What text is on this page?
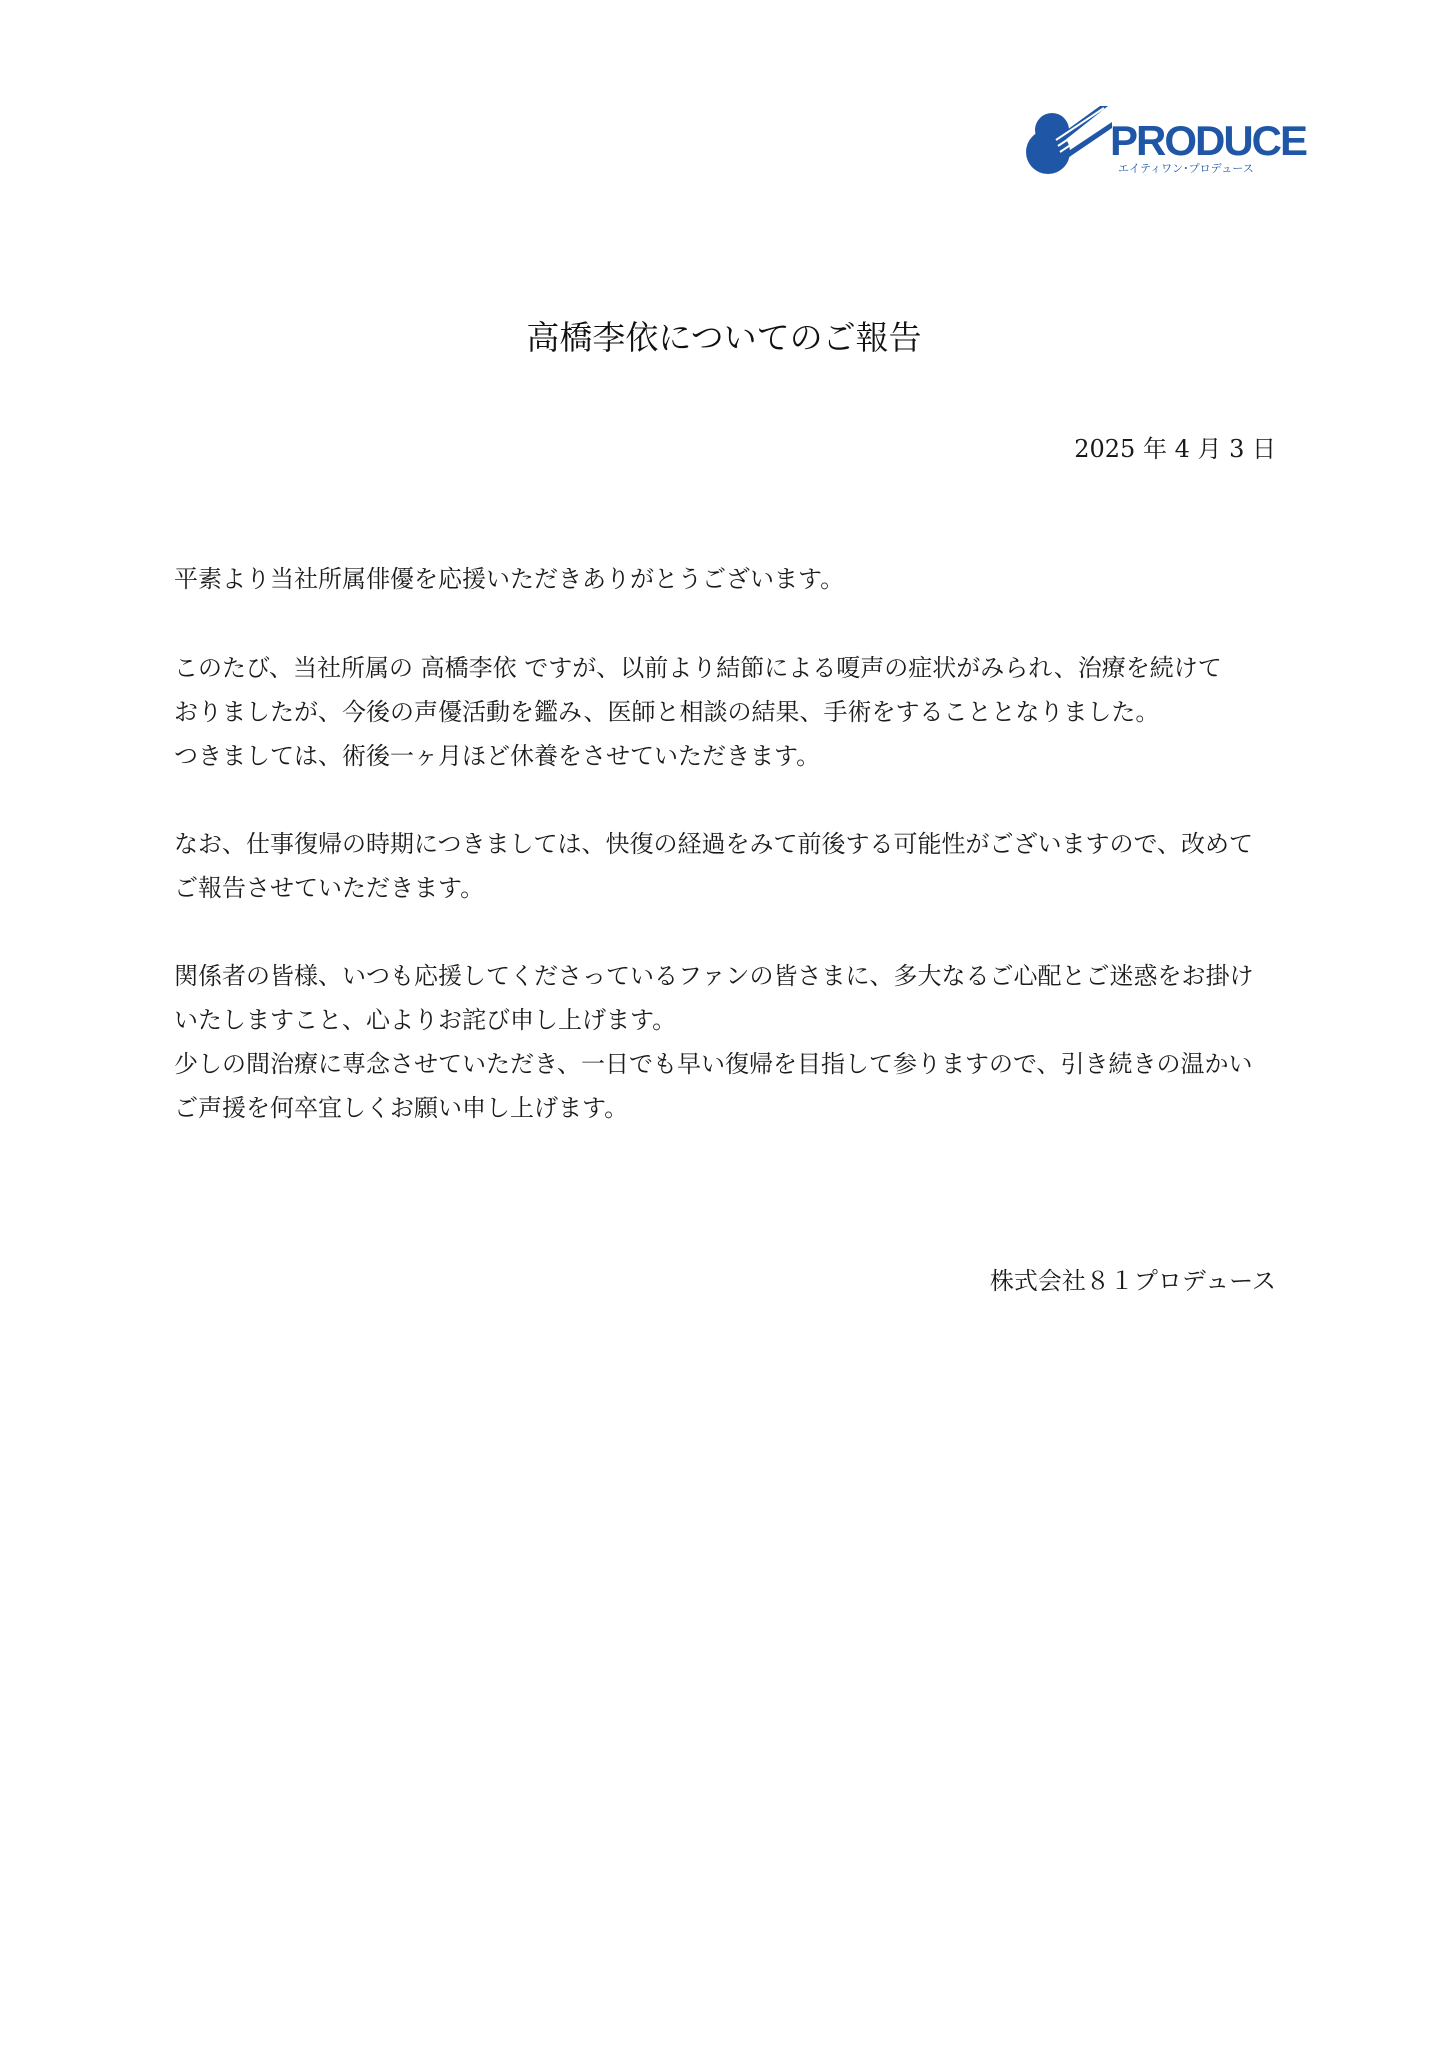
PRODUCE
エイティワン･プロデュース
高橋李依についてのご報告
2025 年 4 月 3 日
平素より当社所属俳優を応援いただきありがとうございます。
このたび、当社所属の 高橋李依 ですが、以前より結節による嗄声の症状がみられ、治療を続けて
おりましたが、今後の声優活動を鑑み、医師と相談の結果、手術をすることとなりました。
つきましては、術後一ヶ月ほど休養をさせていただきます。
なお、仕事復帰の時期につきましては、快復の経過をみて前後する可能性がございますので、改めて
ご報告させていただきます。
関係者の皆様、いつも応援してくださっているファンの皆さまに、多大なるご心配とご迷惑をお掛け
いたしますこと、心よりお詫び申し上げます。
少しの間治療に専念させていただき、一日でも早い復帰を目指して参りますので、引き続きの温かい
ご声援を何卒宜しくお願い申し上げます。
株式会社８１プロデュース
